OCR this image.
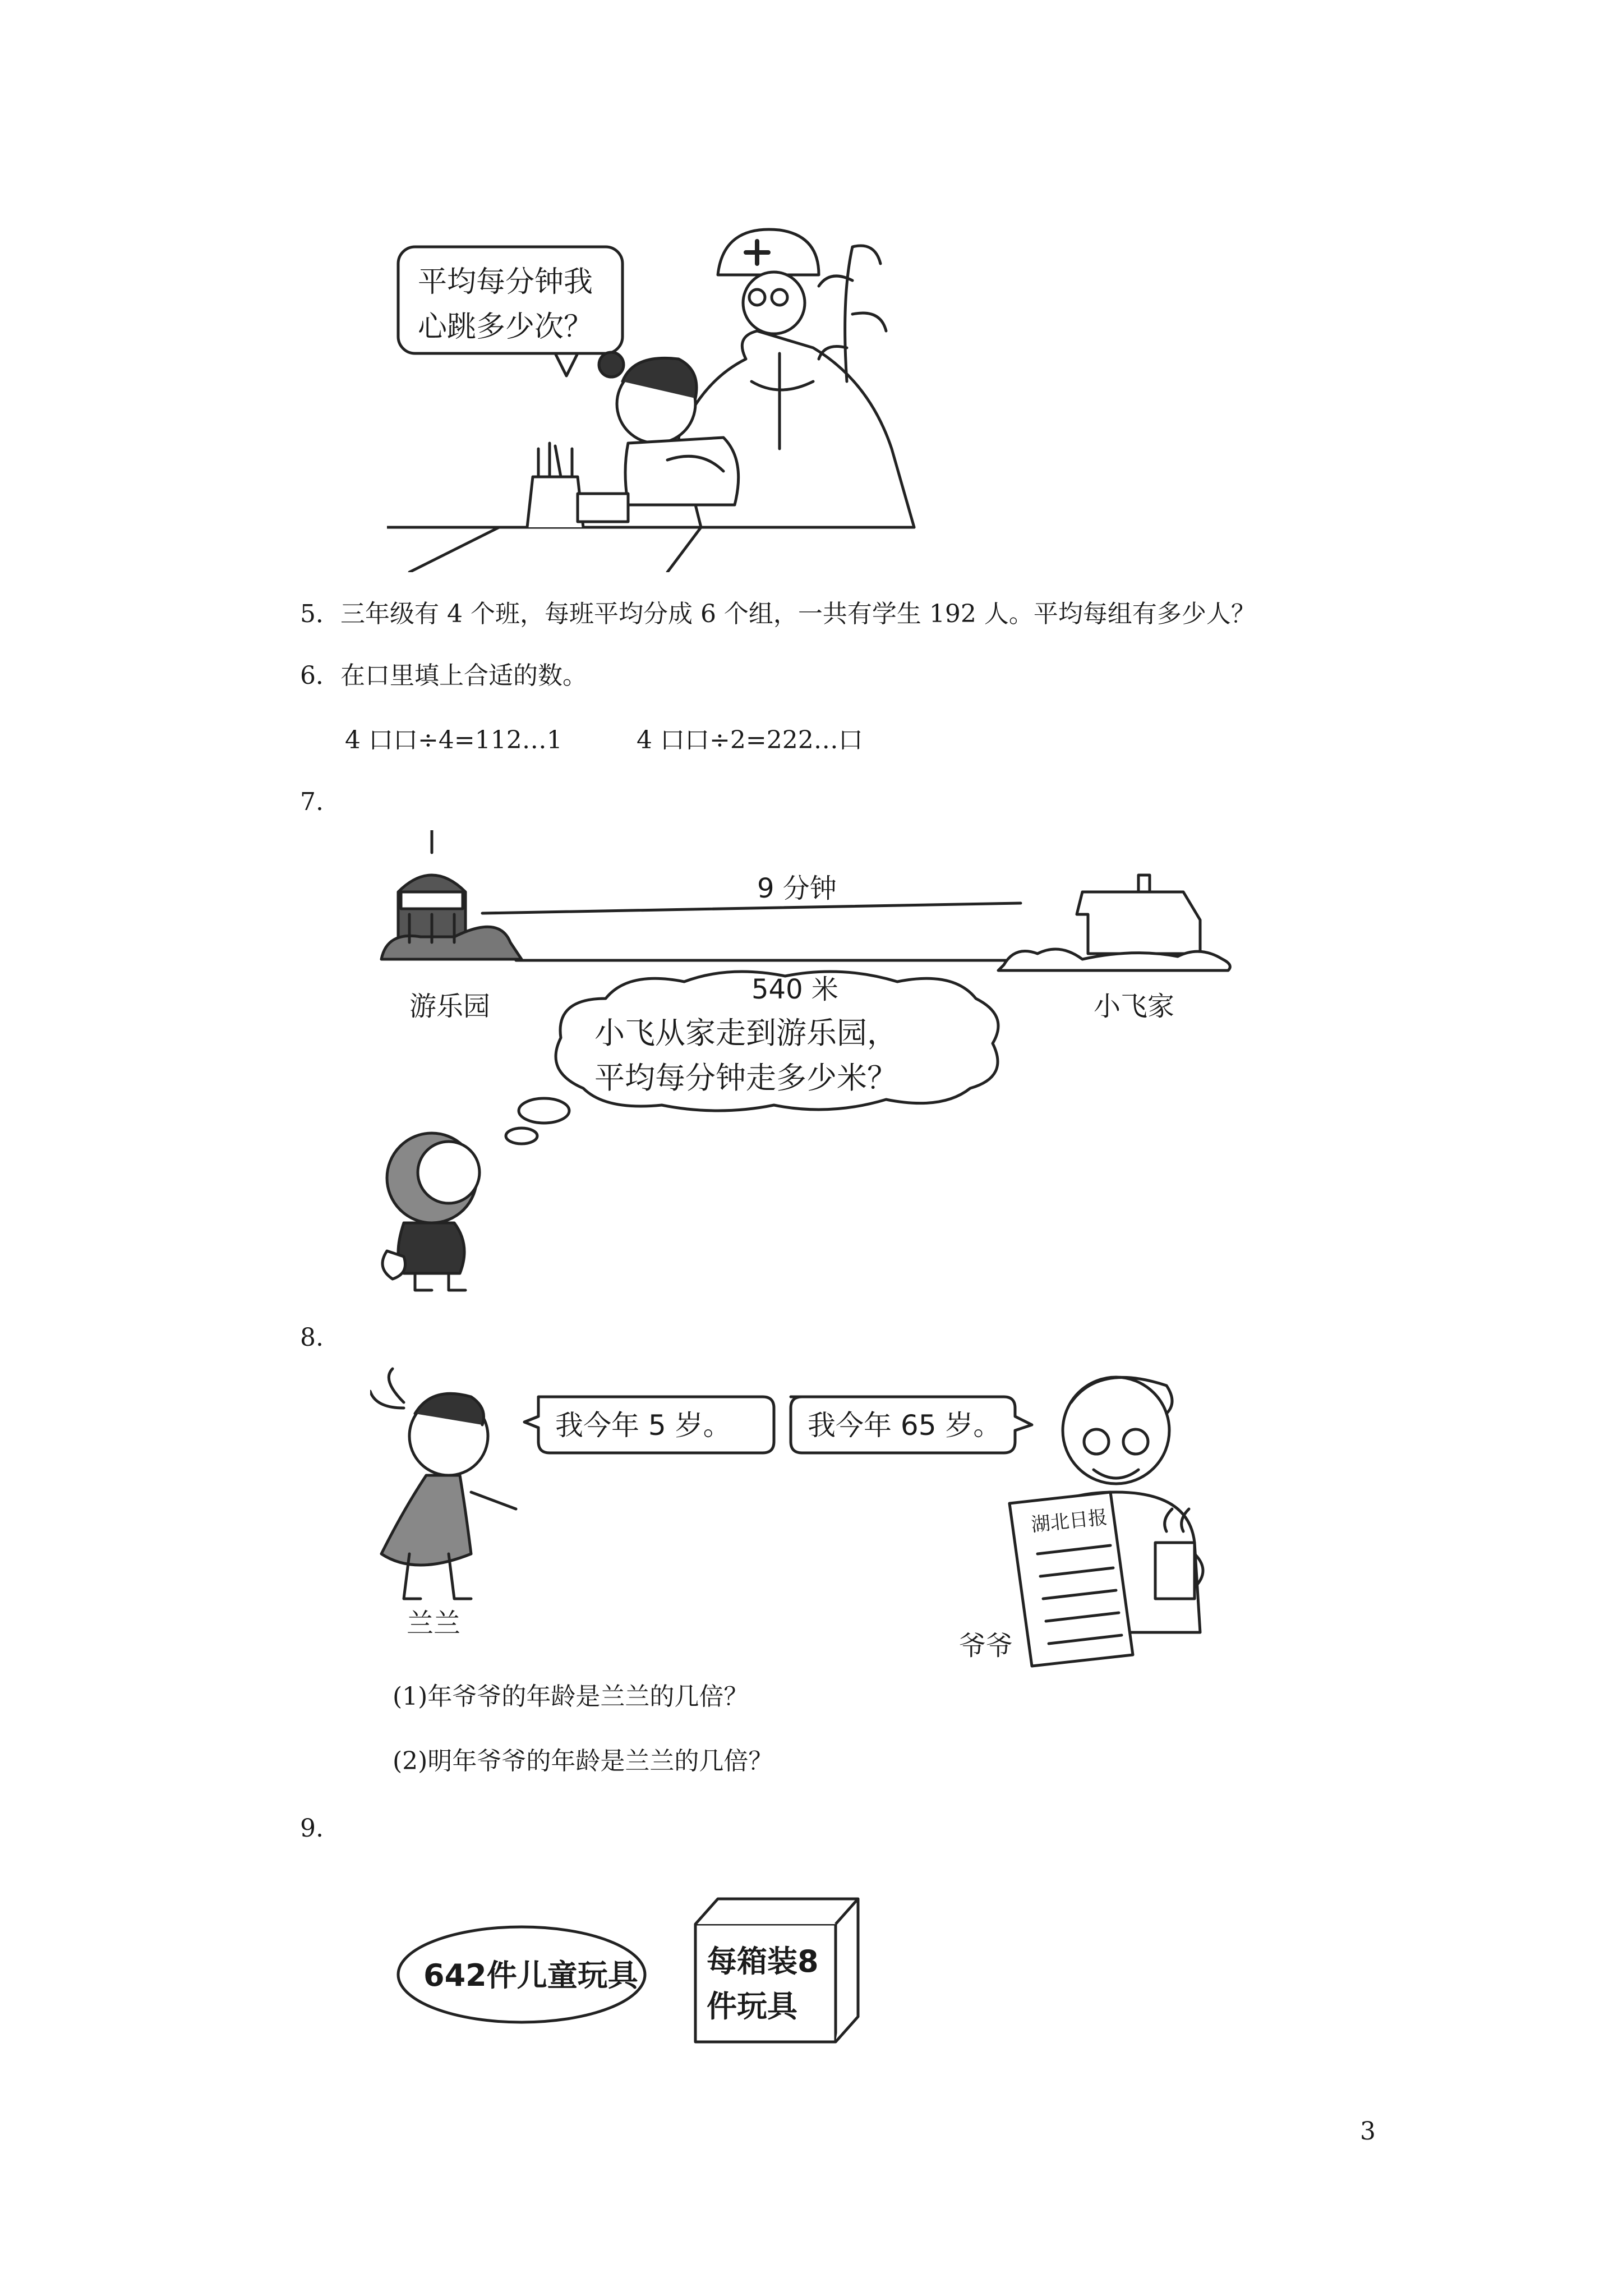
平均每分钟我
心跳多少次？
5．三年级有 4 个班，每班平均分成 6 个组，一共有学生 192 人。平均每组有多少人？
6．在口里填上合适的数。
4 口口÷4=112…1	4 口口÷2=222…口
7.
9 分钟
540 米
游乐园	小飞家
小飞从家走到游乐园，
平均每分钟走多少米？
8.
我今年 5 岁。	我今年 65 岁。
湖北日报
兰兰
爷爷
(1)年爷爷的年龄是兰兰的几倍？
(2)明年爷爷的年龄是兰兰的几倍？
9.
642件儿童玩具 每箱装8
件玩具
3
